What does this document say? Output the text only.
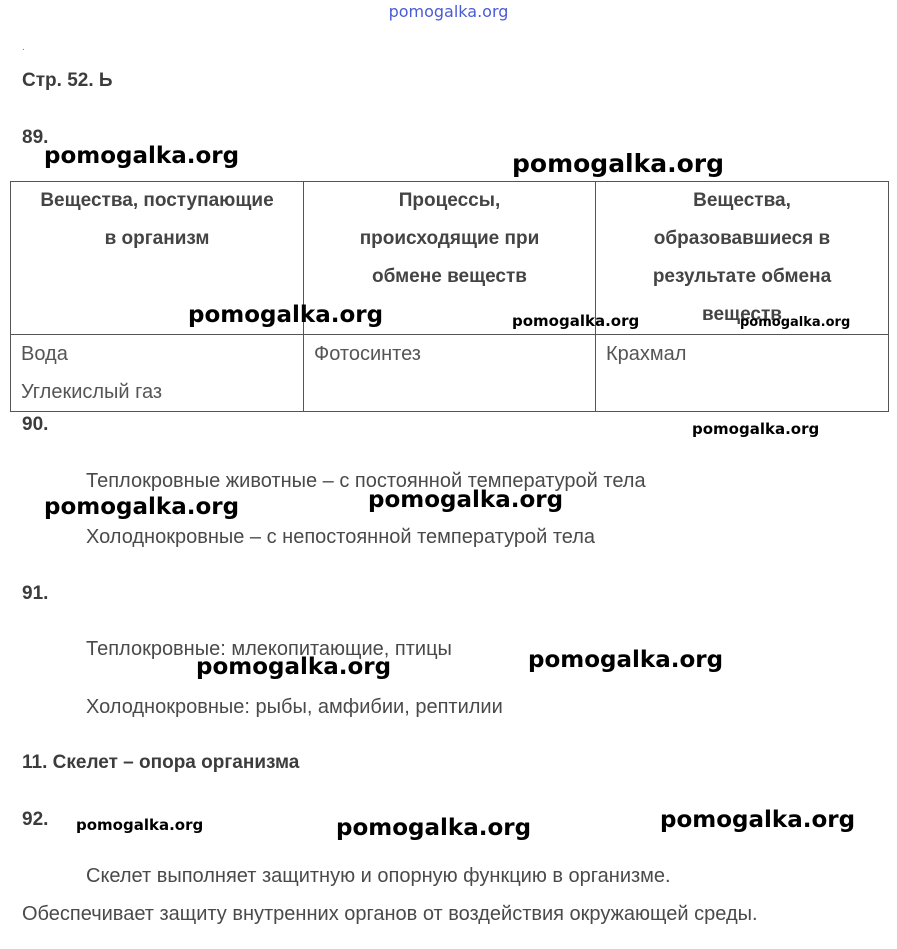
pomogalka.org
.
Стр. 52. Ь
89.
Вещества, поступающие
в организм	Процессы,
происходящие при
обмене веществ	Вещества,
образовавшиеся в
результате обмена
веществ

Вода
Углекислый газ	Фотосинтез	Крахмал
90.
Теплокровные животные – с постоянной температурой тела
Холоднокровные – с непостоянной температурой тела
91.
Теплокровные: млекопитающие, птицы
Холоднокровные: рыбы, амфибии, рептилии
11. Скелет – опора организма
92.
Скелет выполняет защитную и опорную функцию в организме.
Обеспечивает защиту внутренних органов от воздействия окружающей среды.
pomogalka.org	pomogalka.org
pomogalka.org	pomogalka.org	pomogalka.org
pomogalka.org
pomogalka.org	pomogalka.org
pomogalka.org	pomogalka.org
pomogalka.org	pomogalka.org	pomogalka.org
